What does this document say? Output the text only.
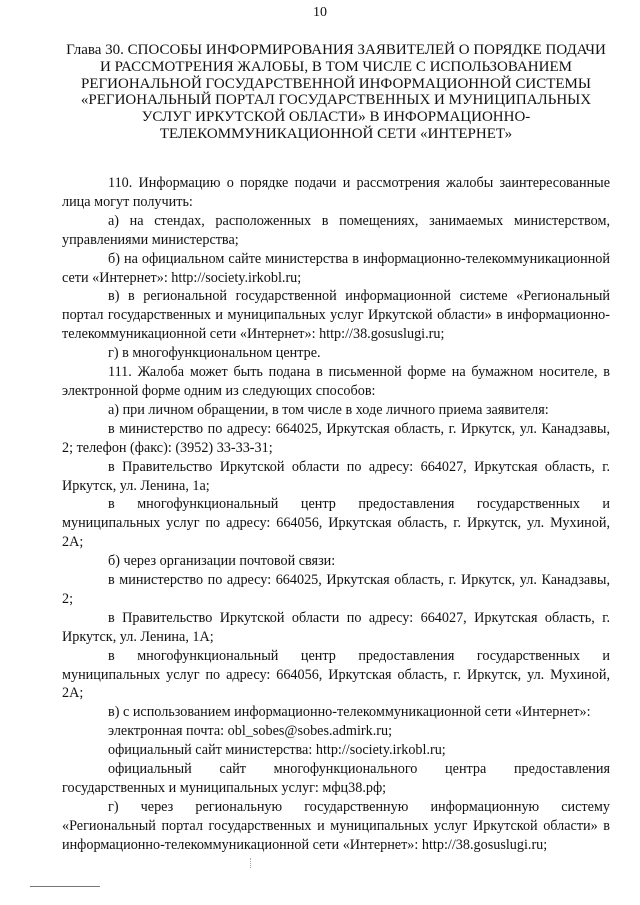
10
Глава 30. СПОСОБЫ ИНФОРМИРОВАНИЯ ЗАЯВИТЕЛЕЙ О ПОРЯДКЕ ПОДАЧИ И РАССМОТРЕНИЯ ЖАЛОБЫ, В ТОМ ЧИСЛЕ С ИСПОЛЬЗОВАНИЕМ РЕГИОНАЛЬНОЙ ГОСУДАРСТВЕННОЙ ИНФОРМАЦИОННОЙ СИСТЕМЫ «РЕГИОНАЛЬНЫЙ ПОРТАЛ ГОСУДАРСТВЕННЫХ И МУНИЦИПАЛЬНЫХ УСЛУГ ИРКУТСКОЙ ОБЛАСТИ» В ИНФОРМАЦИОННО-ТЕЛЕКОММУНИКАЦИОННОЙ СЕТИ «ИНТЕРНЕТ»

110. Информацию о порядке подачи и рассмотрения жалобы заинтересованные лица могут получить:

а) на стендах, расположенных в помещениях, занимаемых министерством, управлениями министерства;

б) на официальном сайте министерства в информационно-телекоммуникационной сети «Интернет»: http://society.irkobl.ru;

в) в региональной государственной информационной системе «Региональный портал государственных и муниципальных услуг Иркутской области» в информационно-телекоммуникационной сети «Интернет»: http://38.gosuslugi.ru;

г) в многофункциональном центре.

111. Жалоба может быть подана в письменной форме на бумажном носителе, в электронной форме одним из следующих способов:

а) при личном обращении, в том числе в ходе личного приема заявителя:

в министерство по адресу: 664025, Иркутская область, г. Иркутск, ул. Канадзавы, 2; телефон (факс): (3952) 33-33-31;

в Правительство Иркутской области по адресу: 664027, Иркутская область, г. Иркутск, ул. Ленина, 1а;

в многофункциональный центр предоставления государственных и муниципальных услуг по адресу: 664056, Иркутская область, г. Иркутск, ул. Мухиной, 2А;

б) через организации почтовой связи:

в министерство по адресу: 664025, Иркутская область, г. Иркутск, ул. Канадзавы, 2;

в Правительство Иркутской области по адресу: 664027, Иркутская область, г. Иркутск, ул. Ленина, 1А;

в многофункциональный центр предоставления государственных и муниципальных услуг по адресу: 664056, Иркутская область, г. Иркутск, ул. Мухиной, 2А;

в) с использованием информационно-телекоммуникационной сети «Интернет»:

электронная почта: obl_sobes@sobes.admirk.ru;

официальный сайт министерства: http://society.irkobl.ru;

официальный сайт многофункционального центра предоставления государственных и муниципальных услуг: мфц38.рф;

г) через региональную государственную информационную систему «Региональный портал государственных и муниципальных услуг Иркутской области» в информационно-телекоммуникационной сети «Интернет»: http://38.gosuslugi.ru;
